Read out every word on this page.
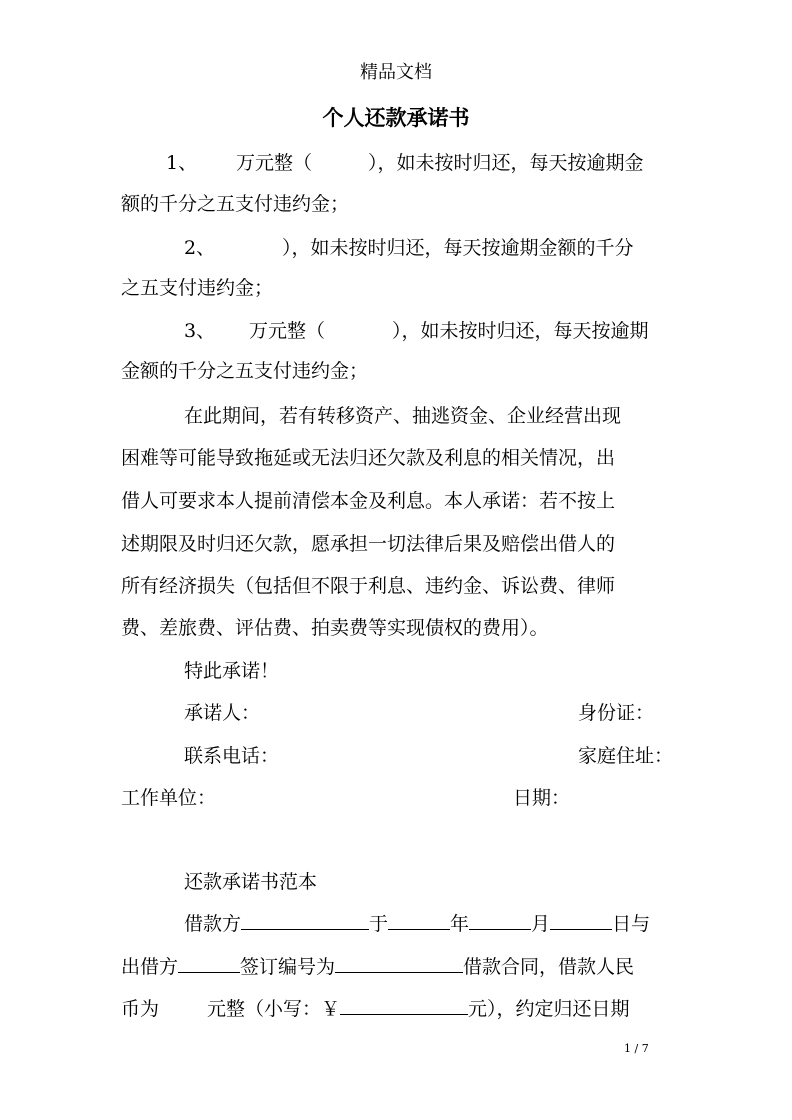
精品文档
个人还款承诺书
1、 万元整（	），如未按时归还，每天按逾期金
额的千分之五支付违约金；
2、	），如未按时归还，每天按逾期金额的千分
之五支付违约金；
3、 万元整（	），如未按时归还，每天按逾期
金额的千分之五支付违约金；
在此期间，若有转移资产、抽逃资金、企业经营出现
困难等可能导致拖延或无法归还欠款及利息的相关情况，出
借人可要求本人提前清偿本金及利息。本人承诺：若不按上
述期限及时归还欠款，愿承担一切法律后果及赔偿出借人的
所有经济损失（包括但不限于利息、违约金、诉讼费、律师
费、差旅费、评估费、拍卖费等实现债权的费用）。
特此承诺！
承诺人：	身份证：
联系电话：	家庭住址：
工作单位：	日期：
还款承诺书范本
借款方	于	年	月	日与
出借方	签订编号为	借款合同，借款人民
币为	元整（小写：￥	元），约定归还日期
1 / 7
